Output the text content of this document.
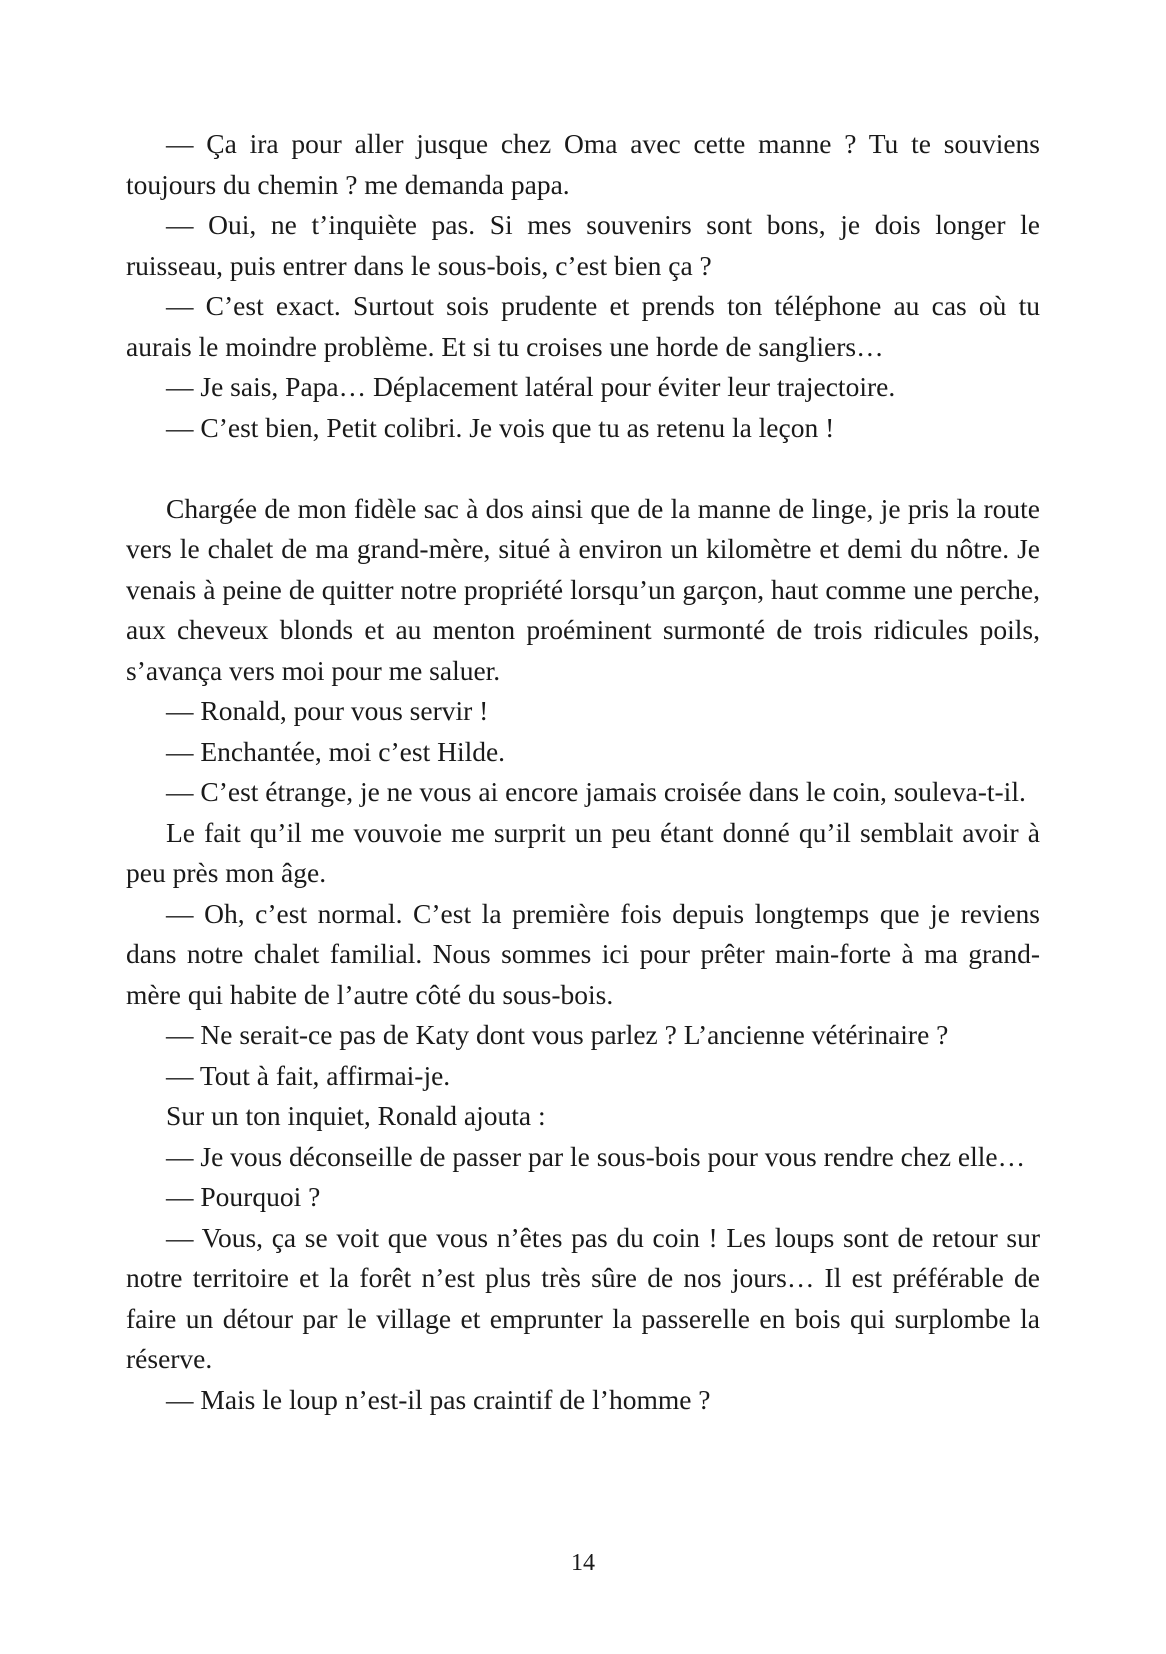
— Ça ira pour aller jusque chez Oma avec cette manne ? Tu te souviens toujours du chemin ? me demanda papa.

— Oui, ne t’inquiète pas. Si mes souvenirs sont bons, je dois longer le ruisseau, puis entrer dans le sous-bois, c’est bien ça ?

— C’est exact. Surtout sois prudente et prends ton téléphone au cas où tu aurais le moindre problème. Et si tu croises une horde de sangliers…

— Je sais, Papa… Déplacement latéral pour éviter leur trajectoire.

— C’est bien, Petit colibri. Je vois que tu as retenu la leçon !

Chargée de mon fidèle sac à dos ainsi que de la manne de linge, je pris la route vers le chalet de ma grand-mère, situé à environ un kilomètre et demi du nôtre. Je venais à peine de quitter notre propriété lorsqu’un garçon, haut comme une perche, aux cheveux blonds et au menton proéminent surmonté de trois ridicules poils, s’avança vers moi pour me saluer.

— Ronald, pour vous servir !

— Enchantée, moi c’est Hilde.

— C’est étrange, je ne vous ai encore jamais croisée dans le coin, souleva-t-il.

Le fait qu’il me vouvoie me surprit un peu étant donné qu’il semblait avoir à peu près mon âge.

— Oh, c’est normal. C’est la première fois depuis longtemps que je reviens dans notre chalet familial. Nous sommes ici pour prêter main-forte à ma grand-mère qui habite de l’autre côté du sous-bois.

— Ne serait-ce pas de Katy dont vous parlez ? L’ancienne vétérinaire ?

— Tout à fait, affirmai-je.

Sur un ton inquiet, Ronald ajouta :

— Je vous déconseille de passer par le sous-bois pour vous rendre chez elle…

— Pourquoi ?

— Vous, ça se voit que vous n’êtes pas du coin ! Les loups sont de retour sur notre territoire et la forêt n’est plus très sûre de nos jours… Il est préférable de faire un détour par le village et emprunter la passerelle en bois qui surplombe la réserve.

— Mais le loup n’est-il pas craintif de l’homme ?

14
